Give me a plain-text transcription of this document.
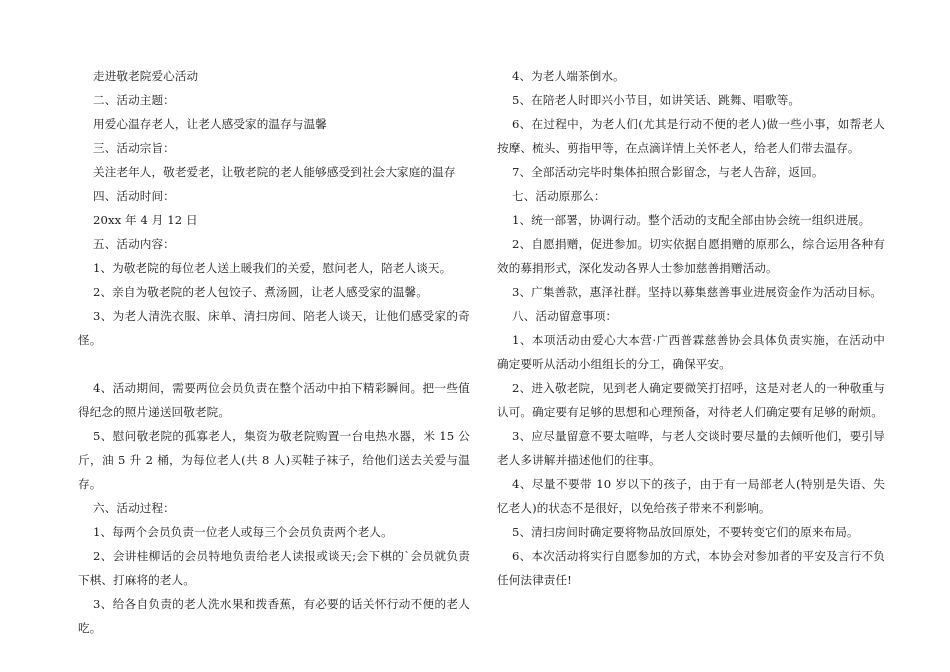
走进敬老院爱心活动

二、活动主题：

用爱心温存老人，让老人感受家的温存与温馨

三、活动宗旨：

关注老年人，敬老爱老，让敬老院的老人能够感受到社会大家庭的温存

四、活动时间：

20xx 年 4 月 12 日

五、活动内容：

1、为敬老院的每位老人送上暖我们的关爱，慰问老人，陪老人谈天。

2、亲自为敬老院的老人包饺子、煮汤圆，让老人感受家的温馨。

3、为老人清洗衣服、床单、清扫房间、陪老人谈天，让他们感受家的奇怪。

4、活动期间，需要两位会员负责在整个活动中拍下精彩瞬间。把一些值得纪念的照片递送回敬老院。

5、慰问敬老院的孤寡老人，集资为敬老院购置一台电热水器，米 15 公斤，油 5 升 2 桶，为每位老人(共 8 人)买鞋子袜子，给他们送去关爱与温存。

六、活动过程：

1、每两个会员负责一位老人或每三个会员负责两个老人。

2、会讲桂柳话的会员特地负责给老人读报或谈天;会下棋的`会员就负责下棋、打麻将的老人。

3、给各自负责的老人洗水果和拨香蕉，有必要的话关怀行动不便的老人吃。

4、为老人端茶倒水。

5、在陪老人时即兴小节目，如讲笑话、跳舞、唱歌等。

6、在过程中，为老人们(尤其是行动不便的老人)做一些小事，如帮老人按摩、梳头、剪指甲等，在点滴详情上关怀老人，给老人们带去温存。

7、全部活动完毕时集体拍照合影留念，与老人告辞，返回。

七、活动原那么：

1、统一部署，协调行动。整个活动的支配全部由协会统一组织进展。

2、自愿捐赠，促进参加。切实依据自愿捐赠的原那么，综合运用各种有效的募捐形式，深化发动各界人士参加慈善捐赠活动。

3、广集善款，惠泽社群。坚持以募集慈善事业进展资金作为活动目标。

八、活动留意事项：

1、本项活动由爱心大本营·广西普霖慈善协会具体负责实施，在活动中确定要听从活动小组组长的分工，确保平安。

2、进入敬老院，见到老人确定要微笑打招呼，这是对老人的一种敬重与认可。确定要有足够的思想和心理预备，对待老人们确定要有足够的耐烦。

3、应尽量留意不要太喧哗，与老人交谈时要尽量的去倾听他们，要引导老人多讲解并描述他们的往事。

4、尽量不要带 10 岁以下的孩子，由于有一局部老人(特别是失语、失忆老人)的状态不是很好，以免给孩子带来不利影响。

5、清扫房间时确定要将物品放回原处，不要转变它们的原来布局。

6、本次活动将实行自愿参加的方式，本协会对参加者的平安及言行不负任何法律责任!
